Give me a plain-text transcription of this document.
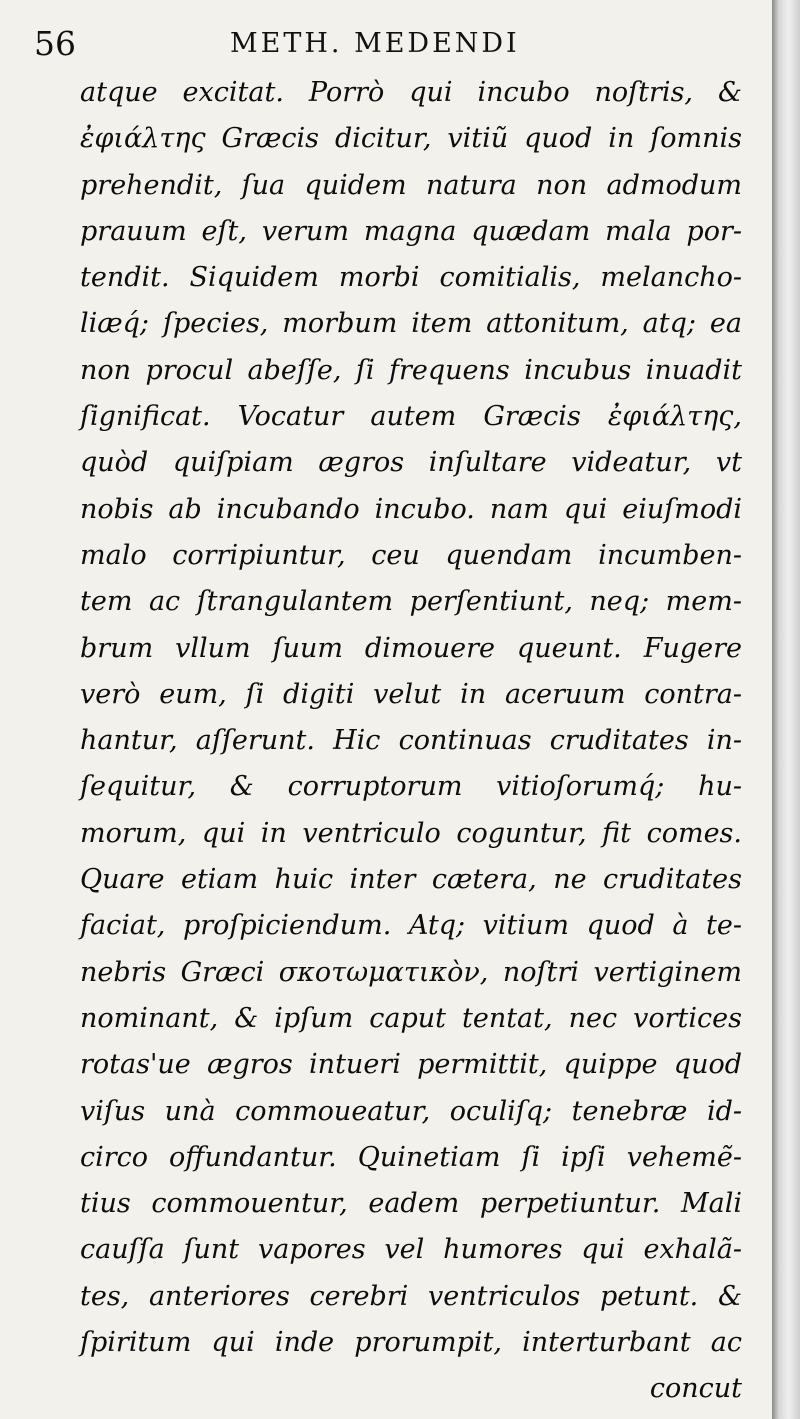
56	METH. MEDENDI
atque excitat. Porrò qui incubo noſtris, &
ἐφιάλτης Græcis dicitur, vitiũ quod in ſomnis
prehendit, ſua quidem natura non admodum
prauum eſt, verum magna quædam mala por-
tendit. Siquidem morbi comitialis, melancho-
liæq́; ſpecies, morbum item attonitum, atq; ea
non procul abeſſe, ſi frequens incubus inuadit
ſignificat. Vocatur autem Græcis ἐφιάλτης,
quòd quiſpiam ægros inſultare videatur, vt
nobis ab incubando incubo. nam qui eiuſmodi
malo corripiuntur, ceu quendam incumben-
tem ac ſtrangulantem perſentiunt, neq; mem-
brum vllum ſuum dimouere queunt. Fugere
verò eum, ſi digiti velut in aceruum contra-
hantur, aſſerunt. Hic continuas cruditates in-
ſequitur, & corruptorum vitioſorumq́; hu-
morum, qui in ventriculo coguntur, fit comes.
Quare etiam huic inter cætera, ne cruditates
faciat, proſpiciendum. Atq; vitium quod à te-
nebris Græci σκοτωματικὸν, noſtri vertiginem
nominant, & ipſum caput tentat, nec vortices
rotas'ue ægros intueri permittit, quippe quod
viſus unà commoueatur, oculiſq; tenebræ id-
circo offundantur. Quinetiam ſi ipſi vehemẽ-
tius commouentur, eadem perpetiuntur. Mali
cauſſa ſunt vapores vel humores qui exhalã-
tes, anteriores cerebri ventriculos petunt. &
ſpiritum qui inde prorumpit, interturbant ac
concut
